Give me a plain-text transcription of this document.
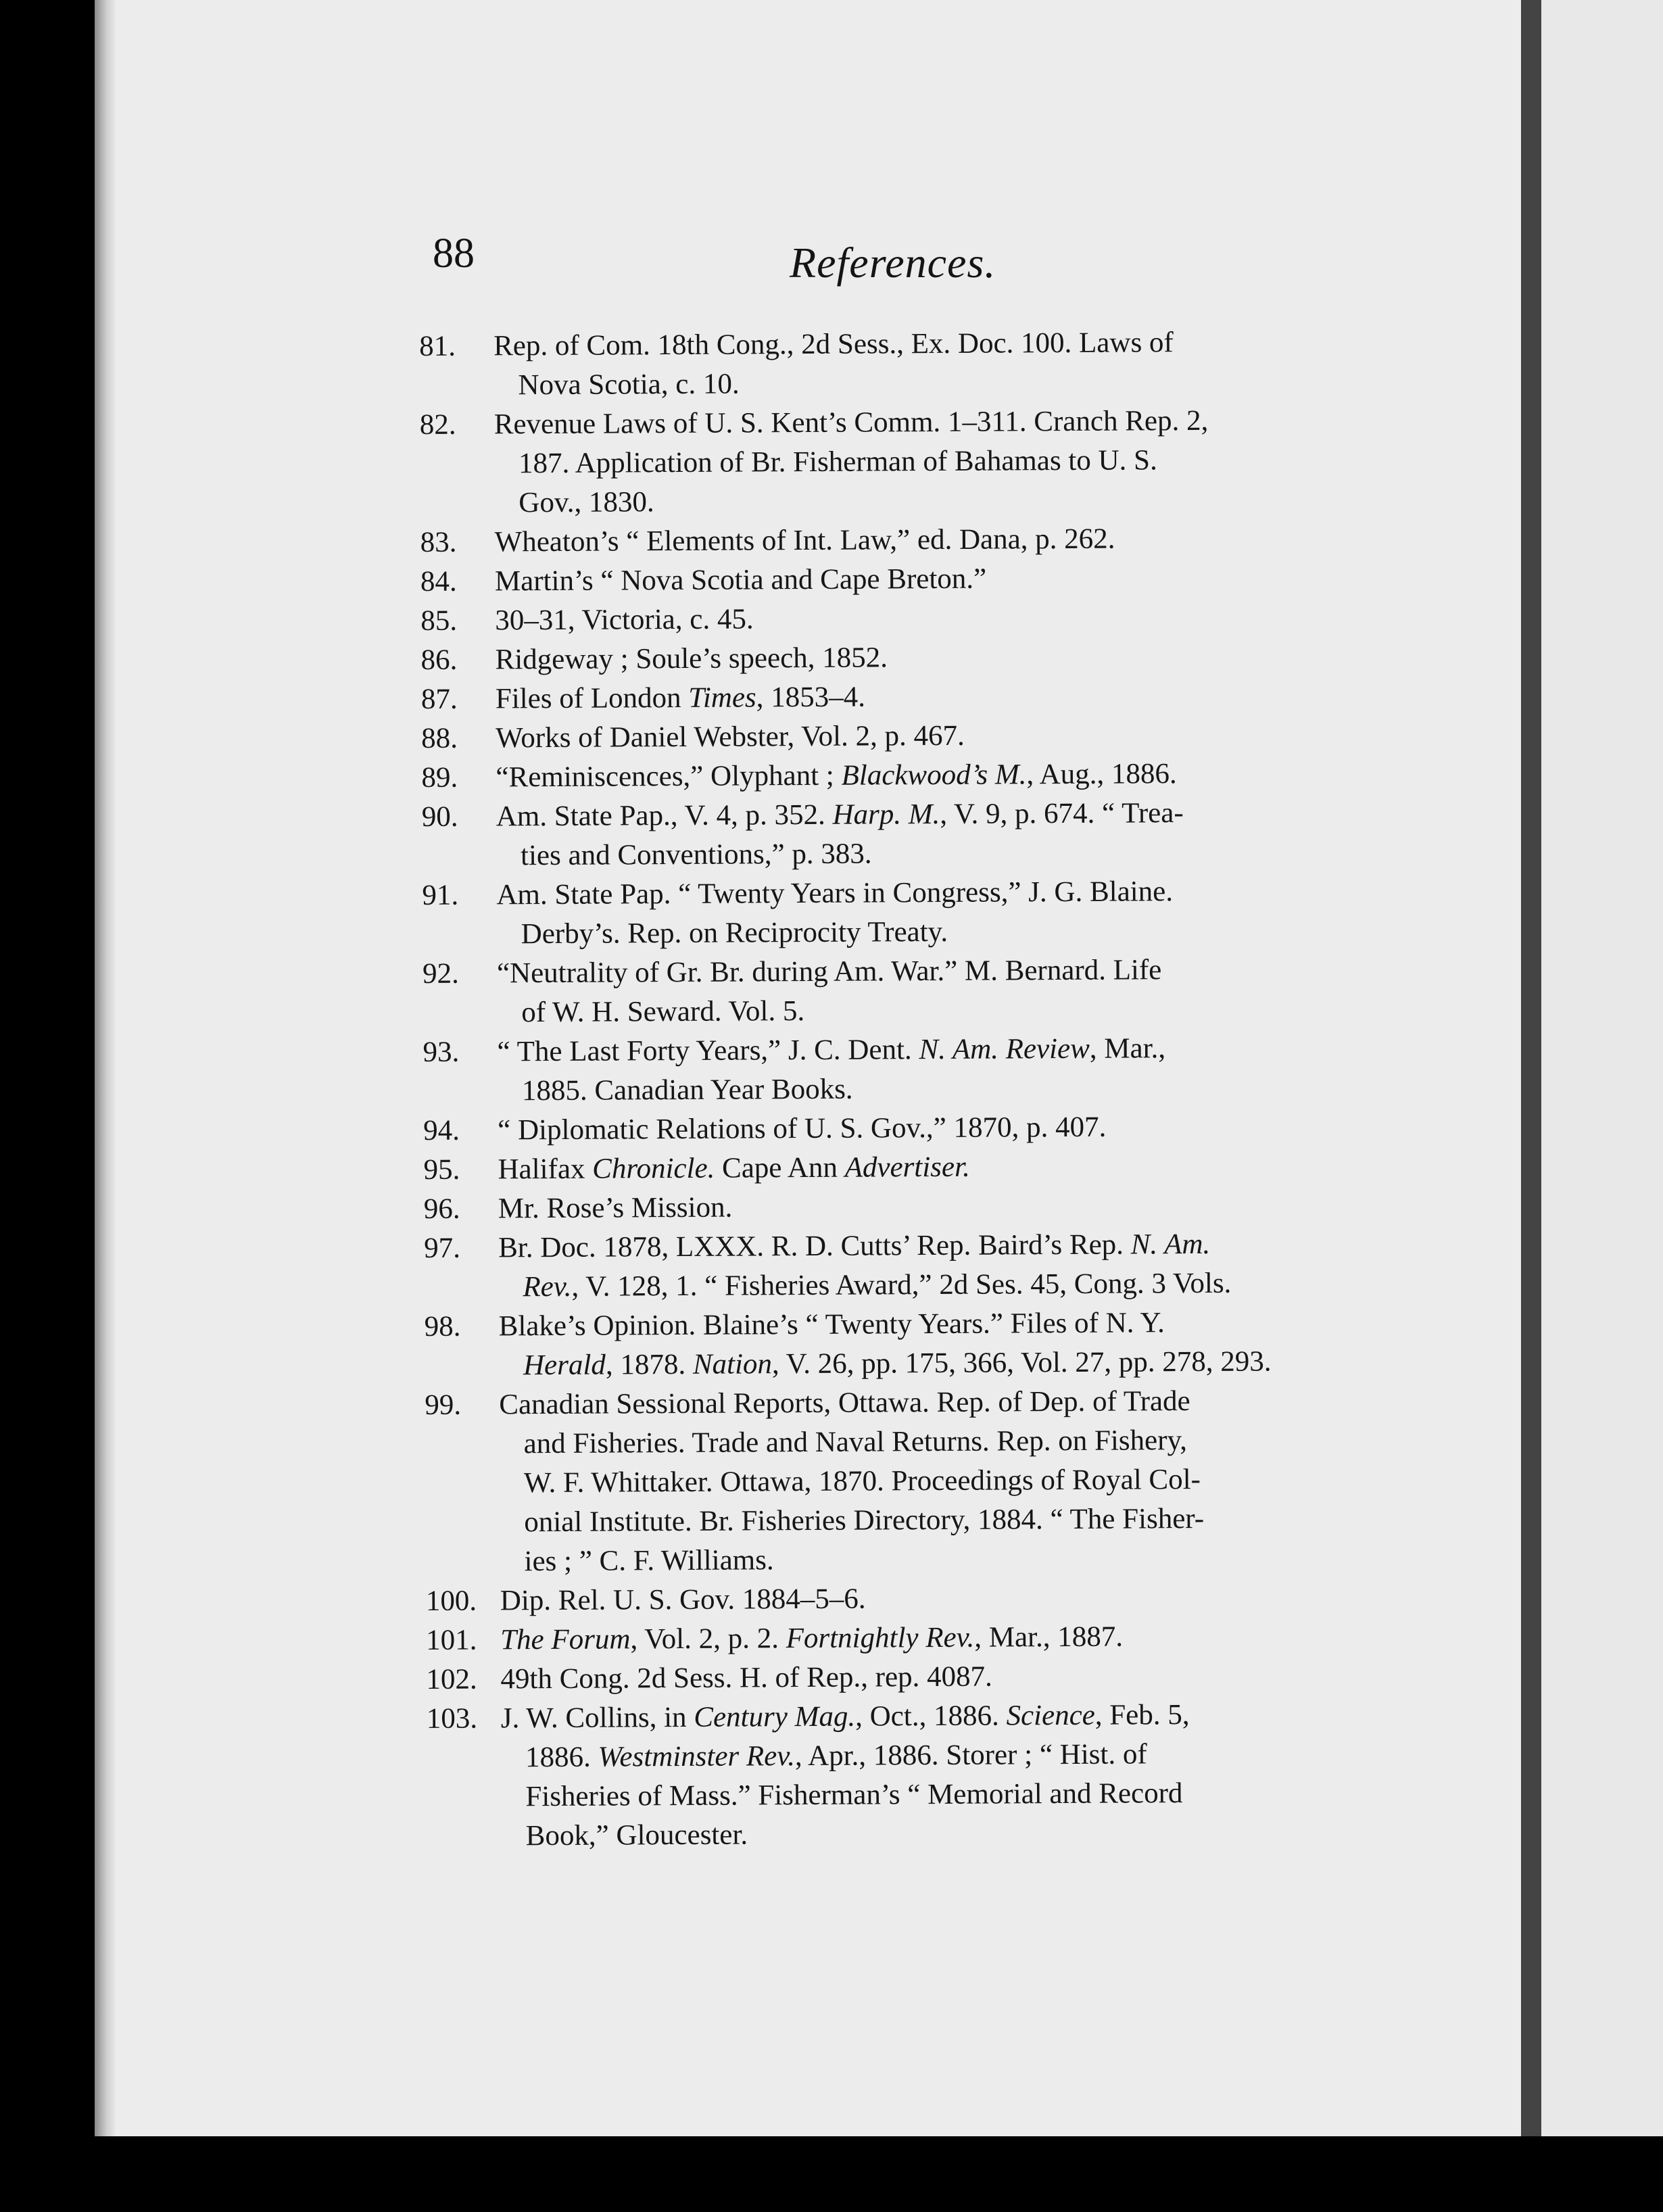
88	References.
81.	Rep. of Com. 18th Cong., 2d Sess., Ex. Doc. 100. Laws of
Nova Scotia, c. 10.
82.	Revenue Laws of U. S. Kent’s Comm. 1–311. Cranch Rep. 2,
187. Application of Br. Fisherman of Bahamas to U. S.
Gov., 1830.
83.	Wheaton’s “ Elements of Int. Law,” ed. Dana, p. 262.
84.	Martin’s “ Nova Scotia and Cape Breton.”
85.	30–31, Victoria, c. 45.
86.	Ridgeway ; Soule’s speech, 1852.
87.	Files of London Times, 1853–4.
88.	Works of Daniel Webster, Vol. 2, p. 467.
89.	“Reminiscences,” Olyphant ; Blackwood’s M., Aug., 1886.
90.	Am. State Pap., V. 4, p. 352. Harp. M., V. 9, p. 674. “ Trea-
ties and Conventions,” p. 383.
91.	Am. State Pap. “ Twenty Years in Congress,” J. G. Blaine.
Derby’s. Rep. on Reciprocity Treaty.
92.	“Neutrality of Gr. Br. during Am. War.” M. Bernard. Life
of W. H. Seward. Vol. 5.
93.	“ The Last Forty Years,” J. C. Dent. N. Am. Review, Mar.,
1885. Canadian Year Books.
94.	“ Diplomatic Relations of U. S. Gov.,” 1870, p. 407.
95.	Halifax Chronicle. Cape Ann Advertiser.
96.	Mr. Rose’s Mission.
97.	Br. Doc. 1878, LXXX. R. D. Cutts’ Rep. Baird’s Rep. N. Am.
Rev., V. 128, 1. “ Fisheries Award,” 2d Ses. 45, Cong. 3 Vols.
98.	Blake’s Opinion. Blaine’s “ Twenty Years.” Files of N. Y.
Herald, 1878. Nation, V. 26, pp. 175, 366, Vol. 27, pp. 278, 293.
99.	Canadian Sessional Reports, Ottawa. Rep. of Dep. of Trade
and Fisheries. Trade and Naval Returns. Rep. on Fishery,
W. F. Whittaker. Ottawa, 1870. Proceedings of Royal Col-
onial Institute. Br. Fisheries Directory, 1884. “ The Fisher-
ies ; ” C. F. Williams.
100. Dip. Rel. U. S. Gov. 1884–5–6.
101. The Forum, Vol. 2, p. 2. Fortnightly Rev., Mar., 1887.
102. 49th Cong. 2d Sess. H. of Rep., rep. 4087.
103. J. W. Collins, in Century Mag., Oct., 1886. Science, Feb. 5,
1886. Westminster Rev., Apr., 1886. Storer ; “ Hist. of
Fisheries of Mass.” Fisherman’s “ Memorial and Record
Book,” Gloucester.
